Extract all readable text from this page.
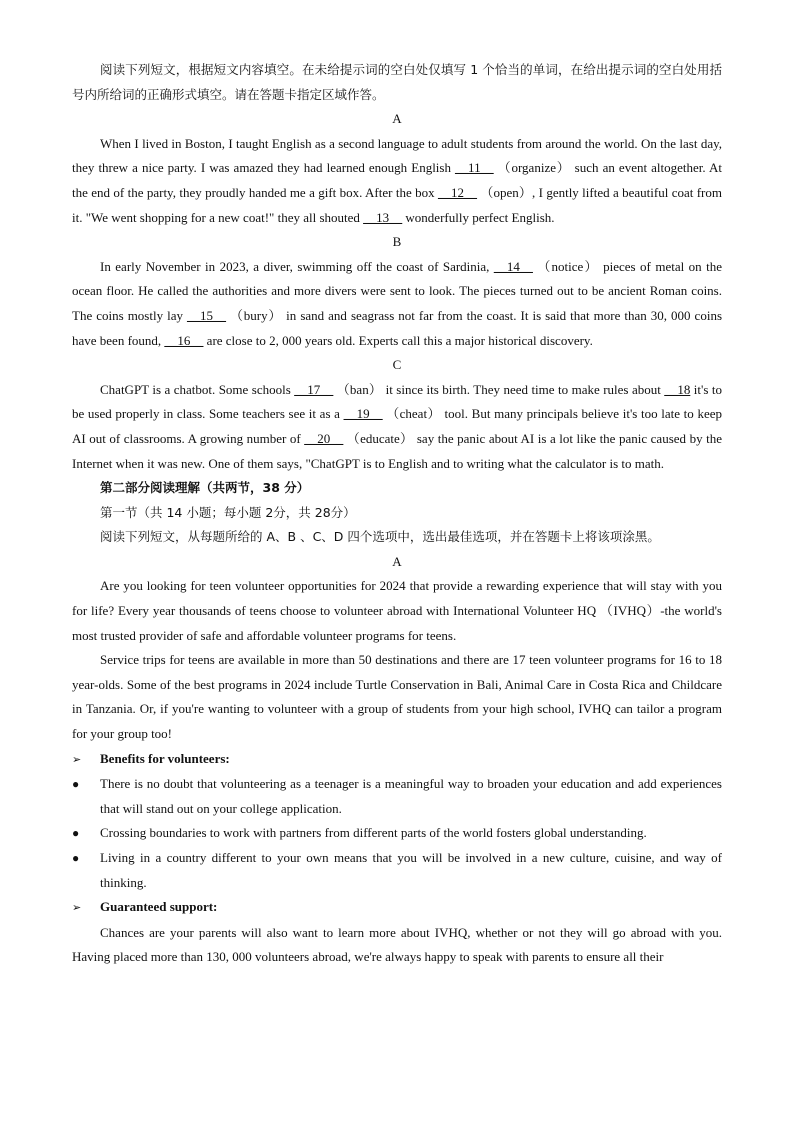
阅读下列短文，根据短文内容填空。在未给提示词的空白处仅填写 1 个恰当的单词，在给出提示词的空白处用括号内所给词的正确形式填空。请在答题卡指定区域作答。

A

When I lived in Boston, I taught English as a second language to adult students from around the world. On the last day, they threw a nice party. I was amazed they had learned enough English __11__ （organize） such an event altogether. At the end of the party, they proudly handed me a gift box. After the box __12__ （open）, I gently lifted a beautiful coat from it. "We went shopping for a new coat!" they all shouted __13__ wonderfully perfect English.

B

In early November in 2023, a diver, swimming off the coast of Sardinia, __14__ （notice） pieces of metal on the ocean floor. He called the authorities and more divers were sent to look. The pieces turned out to be ancient Roman coins. The coins mostly lay __15__ （bury） in sand and seagrass not far from the coast. It is said that more than 30, 000 coins have been found, __16__ are close to 2, 000 years old. Experts call this a major historical discovery.

C

ChatGPT is a chatbot. Some schools __17__ （ban） it since its birth. They need time to make rules about __18 it's to be used properly in class. Some teachers see it as a __19__ （cheat） tool. But many principals believe it's too late to keep AI out of classrooms. A growing number of __20__ （educate） say the panic about AI is a lot like the panic caused by the Internet when it was new. One of them says, "ChatGPT is to English and to writing what the calculator is to math.

第二部分阅读理解（共两节，38 分）

第一节（共 14 小题；每小题 2分，共 28分）

阅读下列短文，从每题所给的 A、B 、C、D 四个选项中，选出最佳选项，并在答题卡上将该项涂黑。

A

Are you looking for teen volunteer opportunities for 2024 that provide a rewarding experience that will stay with you for life? Every year thousands of teens choose to volunteer abroad with International Volunteer HQ （IVHQ）-the world's most trusted provider of safe and affordable volunteer programs for teens.

Service trips for teens are available in more than 50 destinations and there are 17 teen volunteer programs for 16 to 18 year-olds. Some of the best programs in 2024 include Turtle Conservation in Bali, Animal Care in Costa Rica and Childcare in Tanzania. Or, if you're wanting to volunteer with a group of students from your high school, IVHQ can tailor a program for your group too!

➢	Benefits for volunteers:
●	There is no doubt that volunteering as a teenager is a meaningful way to broaden your education and add experiences that will stand out on your college application.
●	Crossing boundaries to work with partners from different parts of the world fosters global understanding.
●	Living in a country different to your own means that you will be involved in a new culture, cuisine, and way of thinking.
➢	Guaranteed support:

Chances are your parents will also want to learn more about IVHQ, whether or not they will go abroad with you. Having placed more than 130, 000 volunteers abroad, we're always happy to speak with parents to ensure all their
